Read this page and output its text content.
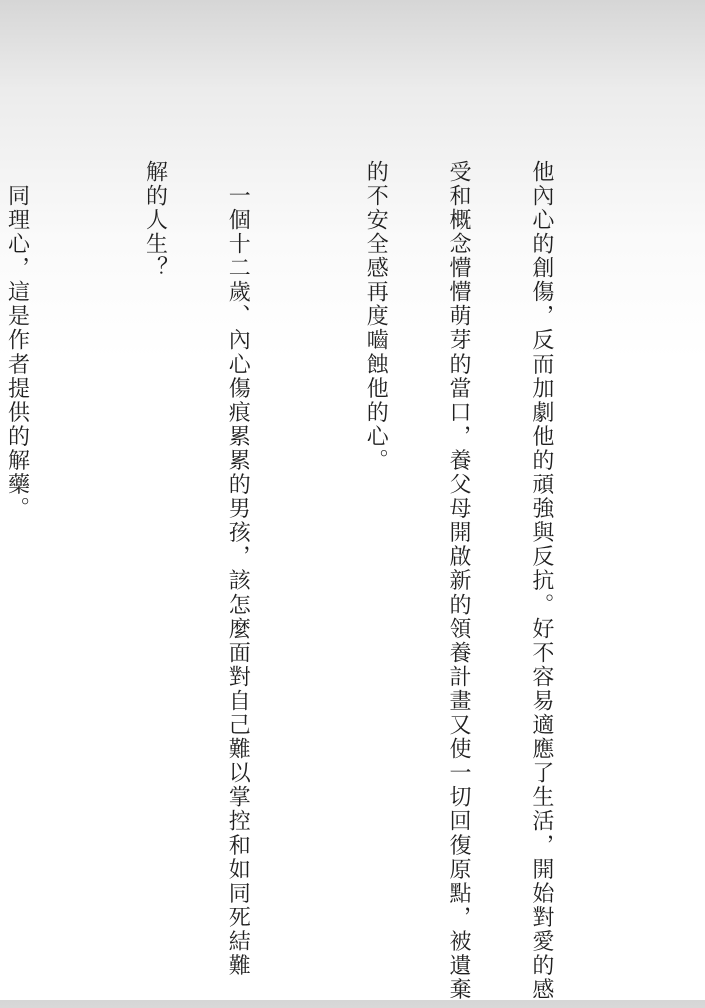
他內心的創傷，反而加劇他的頑強與反抗。好不容易適應了生活，開始對愛的感

受和概念懵懵萌芽的當口，養父母開啟新的領養計畫又使一切回復原點，被遺棄

的不安全感再度嚙蝕他的心。

　一個十二歲、內心傷痕累累的男孩，該怎麼面對自己難以掌控和如同死結難

解的人生？

　同理心，這是作者提供的解藥。
